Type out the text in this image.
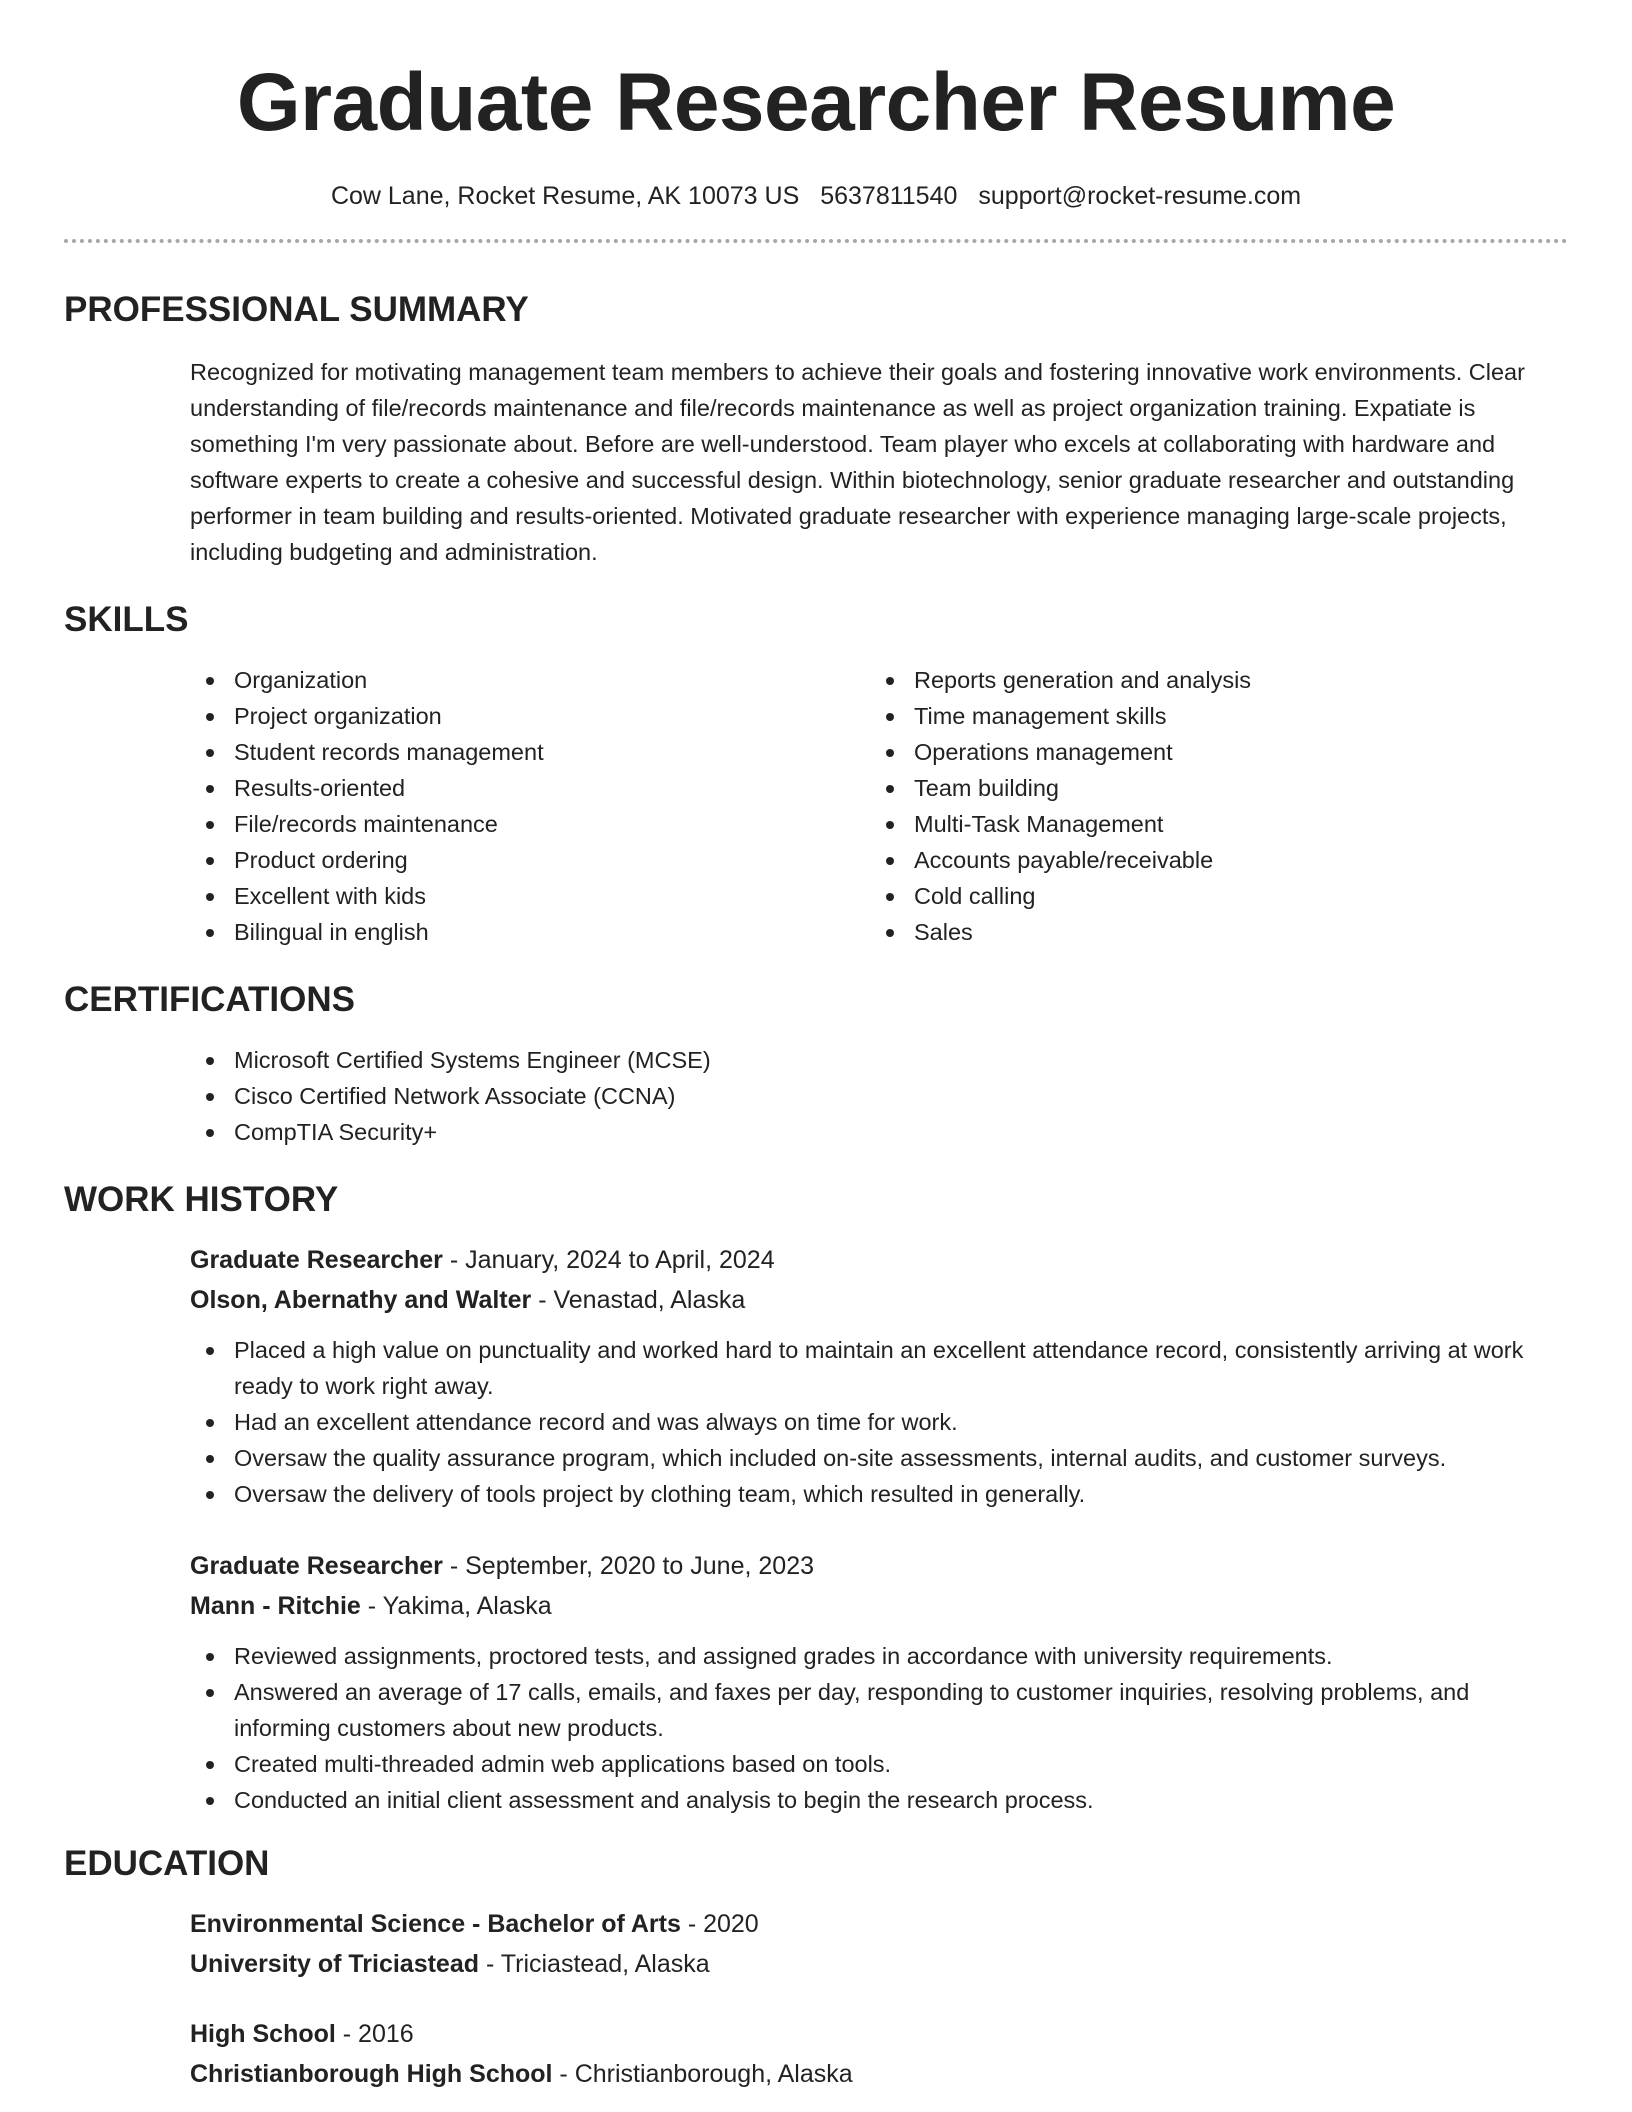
Graduate Researcher Resume
Cow Lane, Rocket Resume, AK 10073 US 5637811540 support@rocket-resume.com
PROFESSIONAL SUMMARY

Recognized for motivating management team members to achieve their goals and fostering innovative work environments. Clear understanding of file/records maintenance and file/records maintenance as well as project organization training. Expatiate is something I'm very passionate about. Before are well-understood. Team player who excels at collaborating with hardware and software experts to create a cohesive and successful design. Within biotechnology, senior graduate researcher and outstanding performer in team building and results-oriented. Motivated graduate researcher with experience managing large-scale projects, including budgeting and administration.

SKILLS
Organization
Project organization
Student records management
Results-oriented
File/records maintenance
Product ordering
Excellent with kids
Bilingual in english
Reports generation and analysis
Time management skills
Operations management
Team building
Multi-Task Management
Accounts payable/receivable
Cold calling
Sales
CERTIFICATIONS
Microsoft Certified Systems Engineer (MCSE)
Cisco Certified Network Associate (CCNA)
CompTIA Security+
WORK HISTORY
Graduate Researcher - January, 2024 to April, 2024
Olson, Abernathy and Walter - Venastad, Alaska
Placed a high value on punctuality and worked hard to maintain an excellent attendance record, consistently arriving at work ready to work right away.
Had an excellent attendance record and was always on time for work.
Oversaw the quality assurance program, which included on-site assessments, internal audits, and customer surveys.
Oversaw the delivery of tools project by clothing team, which resulted in generally.
Graduate Researcher - September, 2020 to June, 2023
Mann - Ritchie - Yakima, Alaska
Reviewed assignments, proctored tests, and assigned grades in accordance with university requirements.
Answered an average of 17 calls, emails, and faxes per day, responding to customer inquiries, resolving problems, and informing customers about new products.
Created multi-threaded admin web applications based on tools.
Conducted an initial client assessment and analysis to begin the research process.
EDUCATION
Environmental Science - Bachelor of Arts - 2020
University of Triciastead - Triciastead, Alaska
High School - 2016
Christianborough High School - Christianborough, Alaska
